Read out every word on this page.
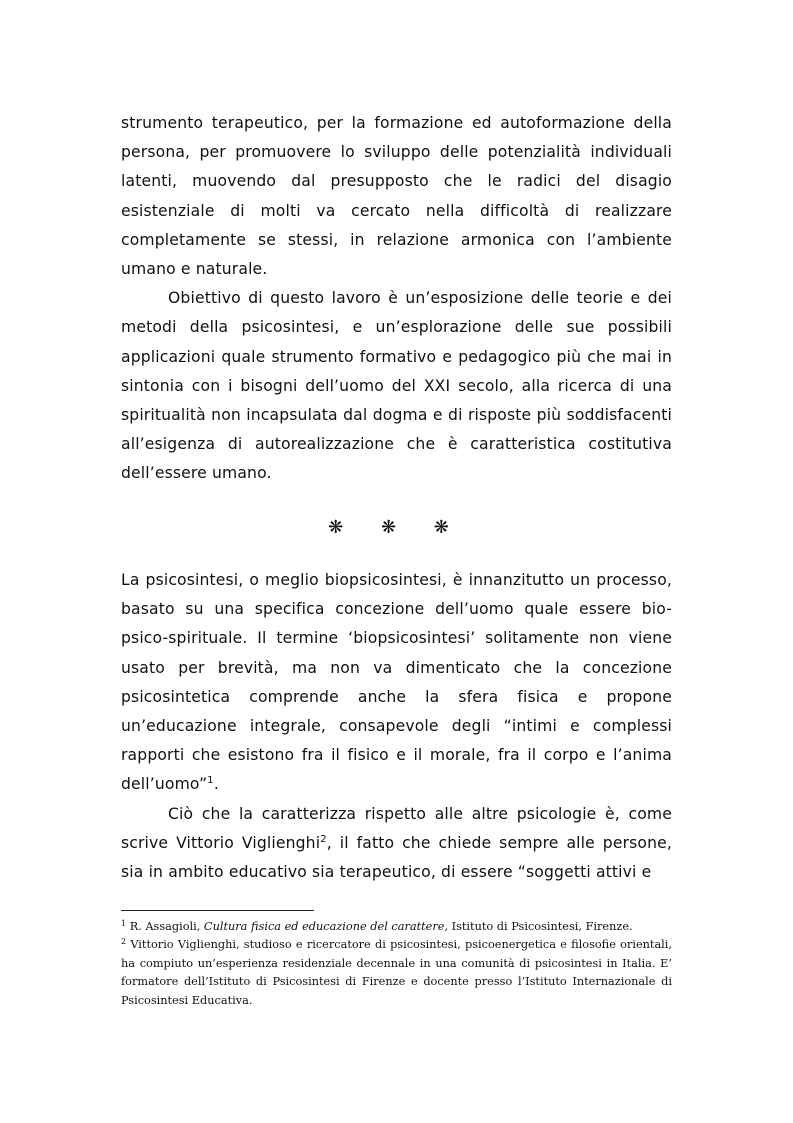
strumento terapeutico, per la formazione ed autoformazione della persona, per promuovere lo sviluppo delle potenzialità individuali latenti, muovendo dal presupposto che le radici del disagio esistenziale di molti va cercato nella difficoltà di realizzare completamente se stessi, in relazione armonica con l’ambiente umano e naturale.

Obiettivo di questo lavoro è un’esposizione delle teorie e dei metodi della psicosintesi, e un’esplorazione delle sue possibili applicazioni quale strumento formativo e pedagogico più che mai in sintonia con i bisogni dell’uomo del XXI secolo, alla ricerca di una spiritualità non incapsulata dal dogma e di risposte più soddisfacenti all’esigenza di autorealizzazione che è caratteristica costitutiva dell’essere umano.

❋ ❋ ❋

La psicosintesi, o meglio biopsicosintesi, è innanzitutto un processo, basato su una specifica concezione dell’uomo quale essere bio-psico-spirituale. Il termine ‘biopsicosintesi’ solitamente non viene usato per brevità, ma non va dimenticato che la concezione psicosintetica comprende anche la sfera fisica e propone un’educazione integrale, consapevole degli “intimi e complessi rapporti che esistono fra il fisico e il morale, fra il corpo e l’anima dell’uomo”$^1$.

Ciò che la caratterizza rispetto alle altre psicologie è, come scrive Vittorio Viglienghi$^2$, il fatto che chiede sempre alle persone, sia in ambito educativo sia terapeutico, di essere “soggetti attivi e

$^1$ R. Assagioli, Cultura fisica ed educazione del carattere, Istituto di Psicosintesi, Firenze.

$^2$ Vittorio Viglienghi, studioso e ricercatore di psicosintesi, psicoenergetica e filosofie orientali, ha compiuto un’esperienza residenziale decennale in una comunità di psicosintesi in Italia. E’ formatore dell’Istituto di Psicosintesi di Firenze e docente presso l’Istituto Internazionale di Psicosintesi Educativa.
